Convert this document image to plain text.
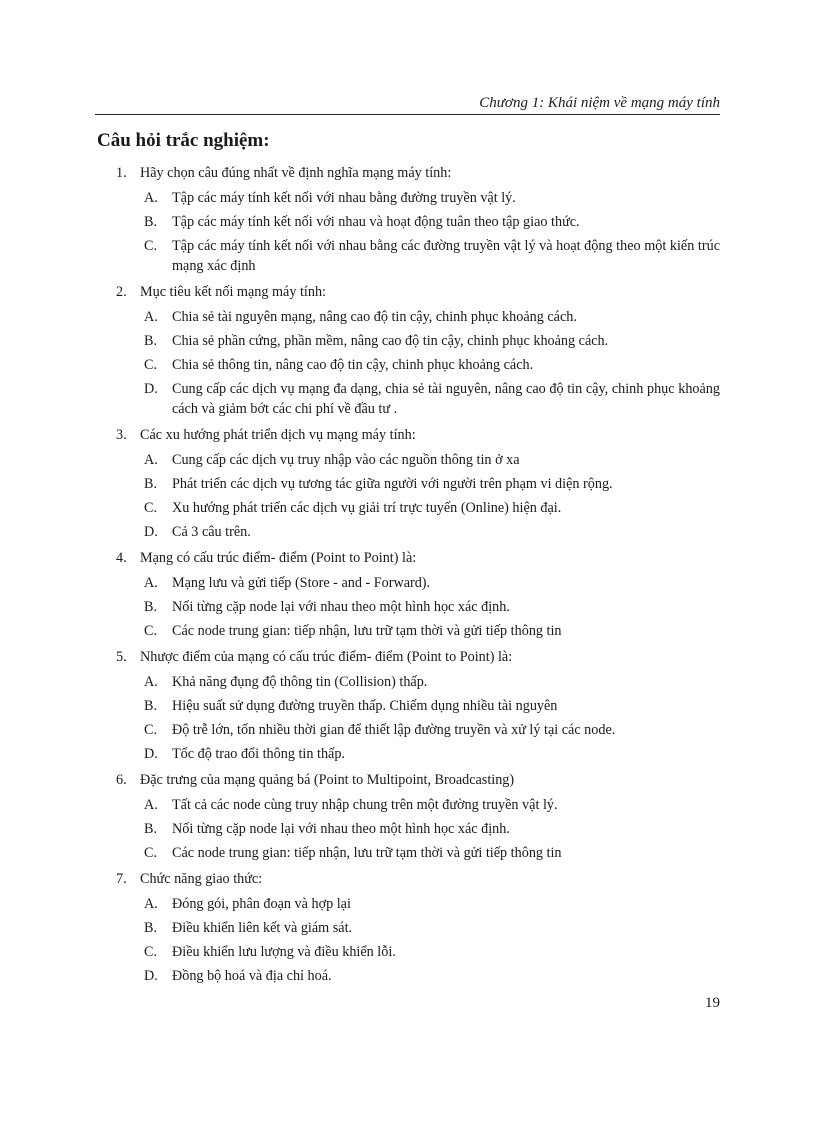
Chương 1: Khái niệm về mạng máy tính
Câu hỏi trắc nghiệm:
1. Hãy chọn câu đúng nhất về định nghĩa mạng máy tính:
A. Tập các máy tính kết nối với nhau bằng đường truyền vật lý.
B. Tập các máy tính kết nối với nhau và hoạt động tuân theo tập giao thức.
C. Tập các máy tính kết nối với nhau bằng các đường truyền vật lý và hoạt động theo một kiến trúc mạng xác định
2. Mục tiêu kết nối mạng máy tính:
A. Chia sẻ tài nguyên mạng, nâng cao độ tin cậy, chinh phục khoảng cách.
B. Chia sẻ phần cứng, phần mềm, nâng cao độ tin cậy, chinh phục khoảng cách.
C. Chia sẻ thông tin, nâng cao độ tin cậy, chinh phục khoảng cách.
D. Cung cấp các dịch vụ mạng đa dạng, chia sẻ tài nguyên, nâng cao độ tin cậy, chinh phục khoảng cách và giảm bớt các chi phí về đầu tư .
3. Các xu hướng phát triển dịch vụ mạng máy tính:
A. Cung cấp các dịch vụ truy nhập vào các nguồn thông tin ở xa
B. Phát triển các dịch vụ tương tác giữa người với người trên phạm vi diện rộng.
C. Xu hướng phát triển các dịch vụ giải trí trực tuyến (Online) hiện đại.
D. Cả 3 câu trên.
4. Mạng có cấu trúc điểm- điểm (Point to Point) là:
A. Mạng lưu và gửi tiếp (Store - and - Forward).
B. Nối từng cặp node lại với nhau theo một hình học xác định.
C. Các node trung gian: tiếp nhận, lưu trữ tạm thời và gửi tiếp thông tin
5. Nhược điểm của mạng có cấu trúc điểm- điểm (Point to Point) là:
A. Khả năng đụng độ thông tin (Collision) thấp.
B. Hiệu suất sử dụng đường truyền thấp. Chiếm dụng nhiều tài nguyên
C. Độ trễ lớn, tốn nhiều thời gian để thiết lập đường truyền và xử lý tại các node.
D. Tốc độ trao đổi thông tin thấp.
6. Đặc trưng của mạng quảng bá (Point to Multipoint, Broadcasting)
A. Tất cả các node cùng truy nhập chung trên một đường truyền vật lý.
B. Nối từng cặp node lại với nhau theo một hình học xác định.
C. Các node trung gian: tiếp nhận, lưu trữ tạm thời và gửi tiếp thông tin
7. Chức năng giao thức:
A. Đóng gói, phân đoạn và hợp lại
B. Điều khiển liên kết và giám sát.
C. Điều khiển lưu lượng và điều khiển lỗi.
D. Đồng bộ hoá và địa chỉ hoá.
19
